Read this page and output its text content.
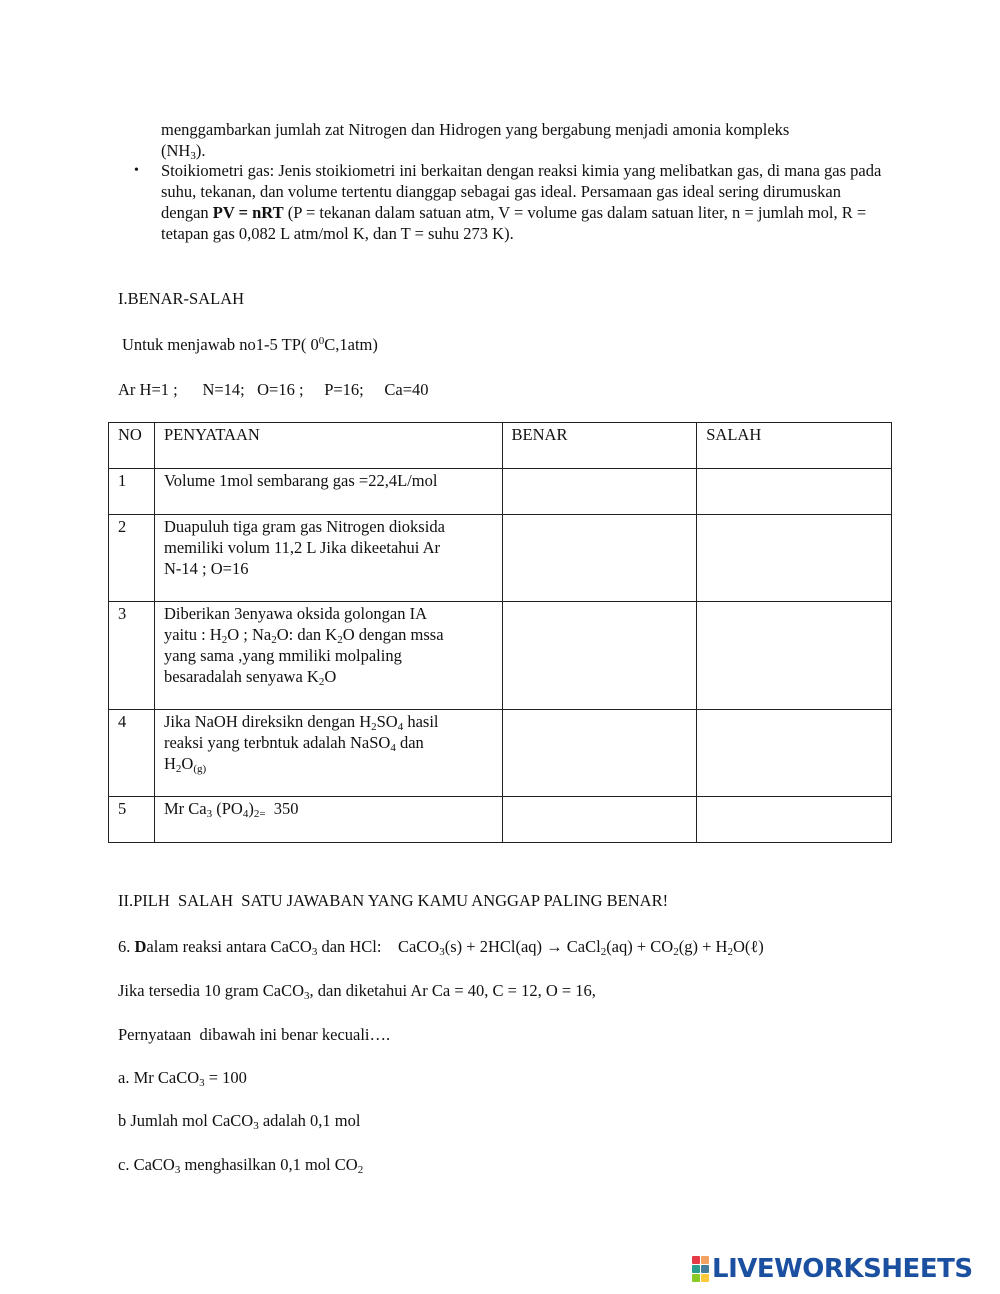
menggambarkan jumlah zat Nitrogen dan Hidrogen yang bergabung menjadi amonia kompleks
$(NH_3)$.
• Stoikiometri gas: Jenis stoikiometri ini berkaitan dengan reaksi kimia yang melibatkan gas, di mana gas pada suhu, tekanan, dan volume tertentu dianggap sebagai gas ideal. Persamaan gas ideal sering dirumuskan dengan PV = nRT (P = tekanan dalam satuan atm, V = volume gas dalam satuan liter, n = jumlah mol, R = tetapan gas 0,082 L atm/mol K, dan T = suhu 273 K).
I.BENAR-SALAH
Untuk menjawab no1-5 TP( $0^0C,1atm$)
Ar H=1 ;      N=14;   O=16 ;     P=16;     Ca=40
NO	PENYATAAN	BENAR	SALAH
1	Volume 1mol sembarang gas =22,4L/mol		
2	Duapuluh tiga gram gas Nitrogen dioksida
memiliki volum 11,2 L Jika dikeetahui Ar
N-14 ; O=16		

3	Diberikan 3enyawa oksida golongan IA
yaitu : $H_2O$ ; $Na_2O$: dan $K_2O$ dengan mssa
yang sama ,yang mmiliki molpaling
besaradalah senyawa $K_2O$		

4	Jika NaOH direksikn dengan $H_2SO_4$ hasil
reaksi yang terbntuk adalah NaSO$_4$ dan
$H_2O_{(g)}$

5	Mr $Ca_3$ $(PO_4)_{2=}$  350		
II.PILH  SALAH  SATU JAWABAN YANG KAMU ANGGAP PALING BENAR!
6. Dalam reaksi antara CaCO$_3$ dan HCl:    CaCO$_3$(s) + 2HCl(aq) → CaCl$_2$(aq) + $CO_2(g)$ + $H_2O(\ell)$
Jika tersedia 10 gram CaCO$_3$, dan diketahui Ar Ca = 40, C = 12, O = 16,
Pernyataan  dibawah ini benar kecuali….
a. Mr CaCO$_3$ = 100
b Jumlah mol CaCO$_3$ adalah 0,1 mol
c. CaCO$_3$ menghasilkan 0,1 mol $CO_2$
LIVEWORKSHEETS
